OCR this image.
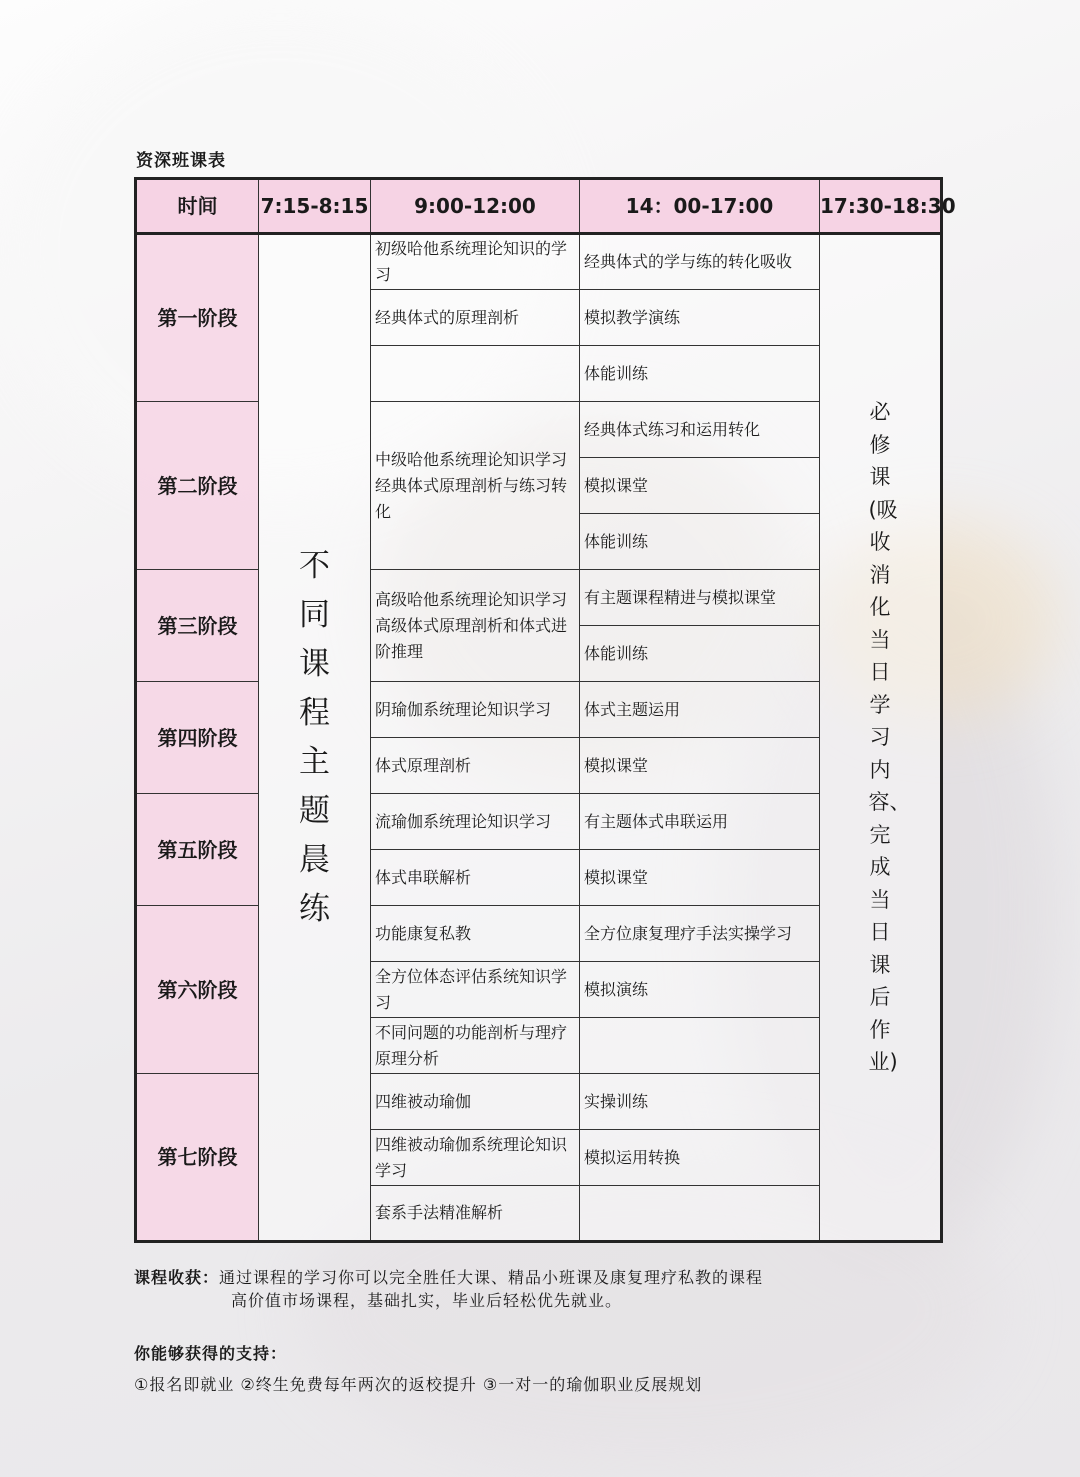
资深班课表
时间	7:15-8:15	9:00-12:00	14：00-17:00	17:30-18:30
第一阶段	不同课程主题晨练	初级哈他系统理论知识的学习	经典体式的学与练的转化吸收	必修课(吸收消化当日学习内容、完成当日课后作业)
		经典体式的原理剖析	模拟教学演练	
			体能训练	
第二阶段		中级哈他系统理论知识学习 经典体式原理剖析与练习转化	经典体式练习和运用转化	
			模拟课堂	
			体能训练	
第三阶段		高级哈他系统理论知识学习 高级体式原理剖析和体式进阶推理	有主题课程精进与模拟课堂	
			体能训练	
第四阶段		阴瑜伽系统理论知识学习	体式主题运用	
		体式原理剖析	模拟课堂	
第五阶段		流瑜伽系统理论知识学习	有主题体式串联运用	
		体式串联解析	模拟课堂	
第六阶段		功能康复私教	全方位康复理疗手法实操学习	
		全方位体态评估系统知识学习	模拟演练	
		不同问题的功能剖析与理疗原理分析		
第七阶段		四维被动瑜伽	实操训练	
		四维被动瑜伽系统理论知识学习	模拟运用转换	
		套系手法精准解析		
课程收获：通过课程的学习你可以完全胜任大课、精品小班课及康复理疗私教的课程
高价值市场课程，基础扎实，毕业后轻松优先就业。
你能够获得的支持：
①报名即就业 ②终生免费每年两次的返校提升 ③一对一的瑜伽职业反展规划
